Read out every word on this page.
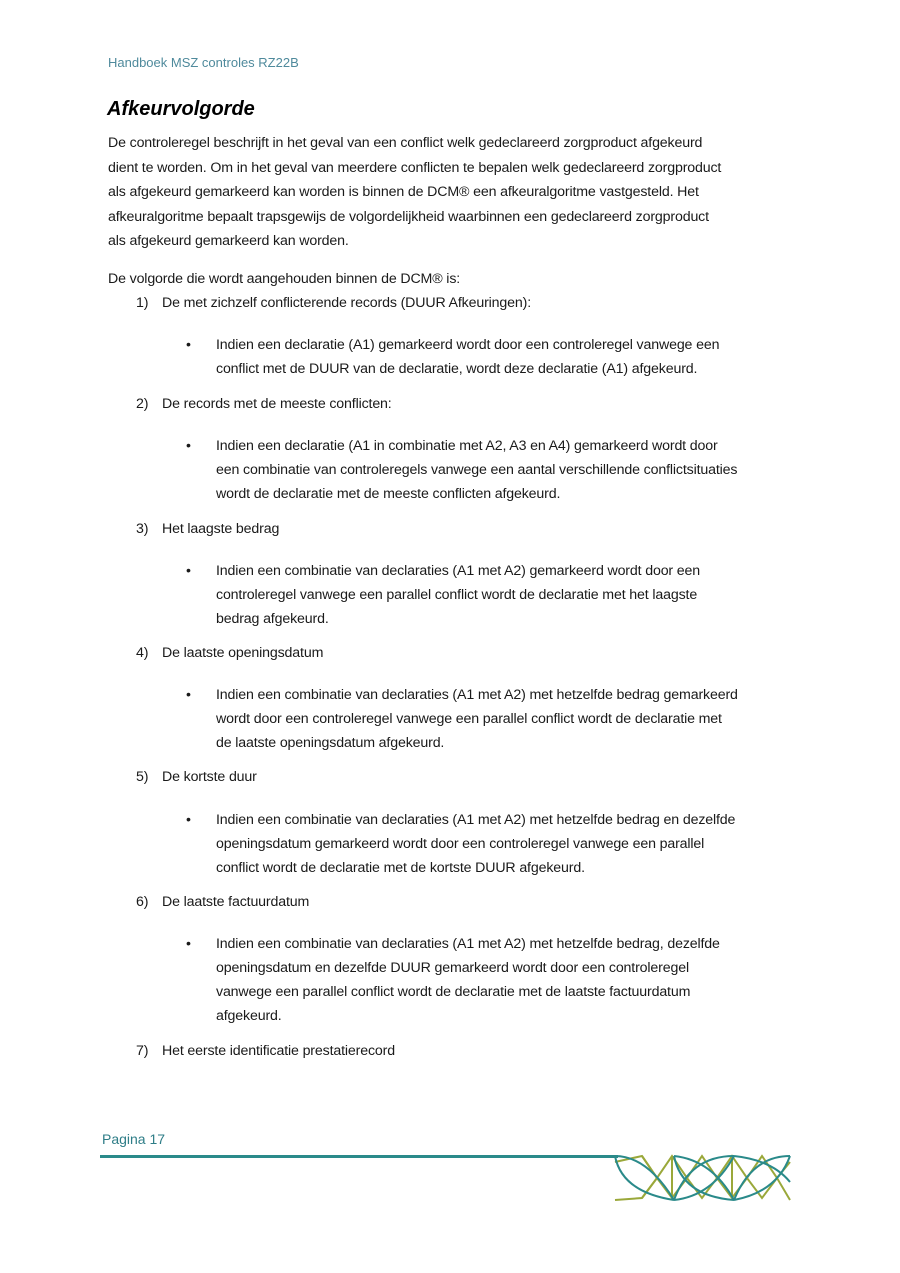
Handboek MSZ controles RZ22B
Afkeurvolgorde

De controleregel beschrijft in het geval van een conflict welk gedeclareerd zorgproduct afgekeurd
dient te worden. Om in het geval van meerdere conflicten te bepalen welk gedeclareerd zorgproduct
als afgekeurd gemarkeerd kan worden is binnen de DCM® een afkeuralgoritme vastgesteld. Het
afkeuralgoritme bepaalt trapsgewijs de volgordelijkheid waarbinnen een gedeclareerd zorgproduct
als afgekeurd gemarkeerd kan worden.

De volgorde die wordt aangehouden binnen de DCM® is:

1) De met zichzelf conflicterende records (DUUR Afkeuringen):
• Indien een declaratie (A1) gemarkeerd wordt door een controleregel vanwege een
conflict met de DUUR van de declaratie, wordt deze declaratie (A1) afgekeurd.
2) De records met de meeste conflicten:
• Indien een declaratie (A1 in combinatie met A2, A3 en A4) gemarkeerd wordt door
een combinatie van controleregels vanwege een aantal verschillende conflictsituaties
wordt de declaratie met de meeste conflicten afgekeurd.
3) Het laagste bedrag
• Indien een combinatie van declaraties (A1 met A2) gemarkeerd wordt door een
controleregel vanwege een parallel conflict wordt de declaratie met het laagste
bedrag afgekeurd.
4) De laatste openingsdatum
• Indien een combinatie van declaraties (A1 met A2) met hetzelfde bedrag gemarkeerd
wordt door een controleregel vanwege een parallel conflict wordt de declaratie met
de laatste openingsdatum afgekeurd.
5) De kortste duur
• Indien een combinatie van declaraties (A1 met A2) met hetzelfde bedrag en dezelfde
openingsdatum gemarkeerd wordt door een controleregel vanwege een parallel
conflict wordt de declaratie met de kortste DUUR afgekeurd.
6) De laatste factuurdatum
• Indien een combinatie van declaraties (A1 met A2) met hetzelfde bedrag, dezelfde
openingsdatum en dezelfde DUUR gemarkeerd wordt door een controleregel
vanwege een parallel conflict wordt de declaratie met de laatste factuurdatum
afgekeurd.
7) Het eerste identificatie prestatierecord
Pagina 17
